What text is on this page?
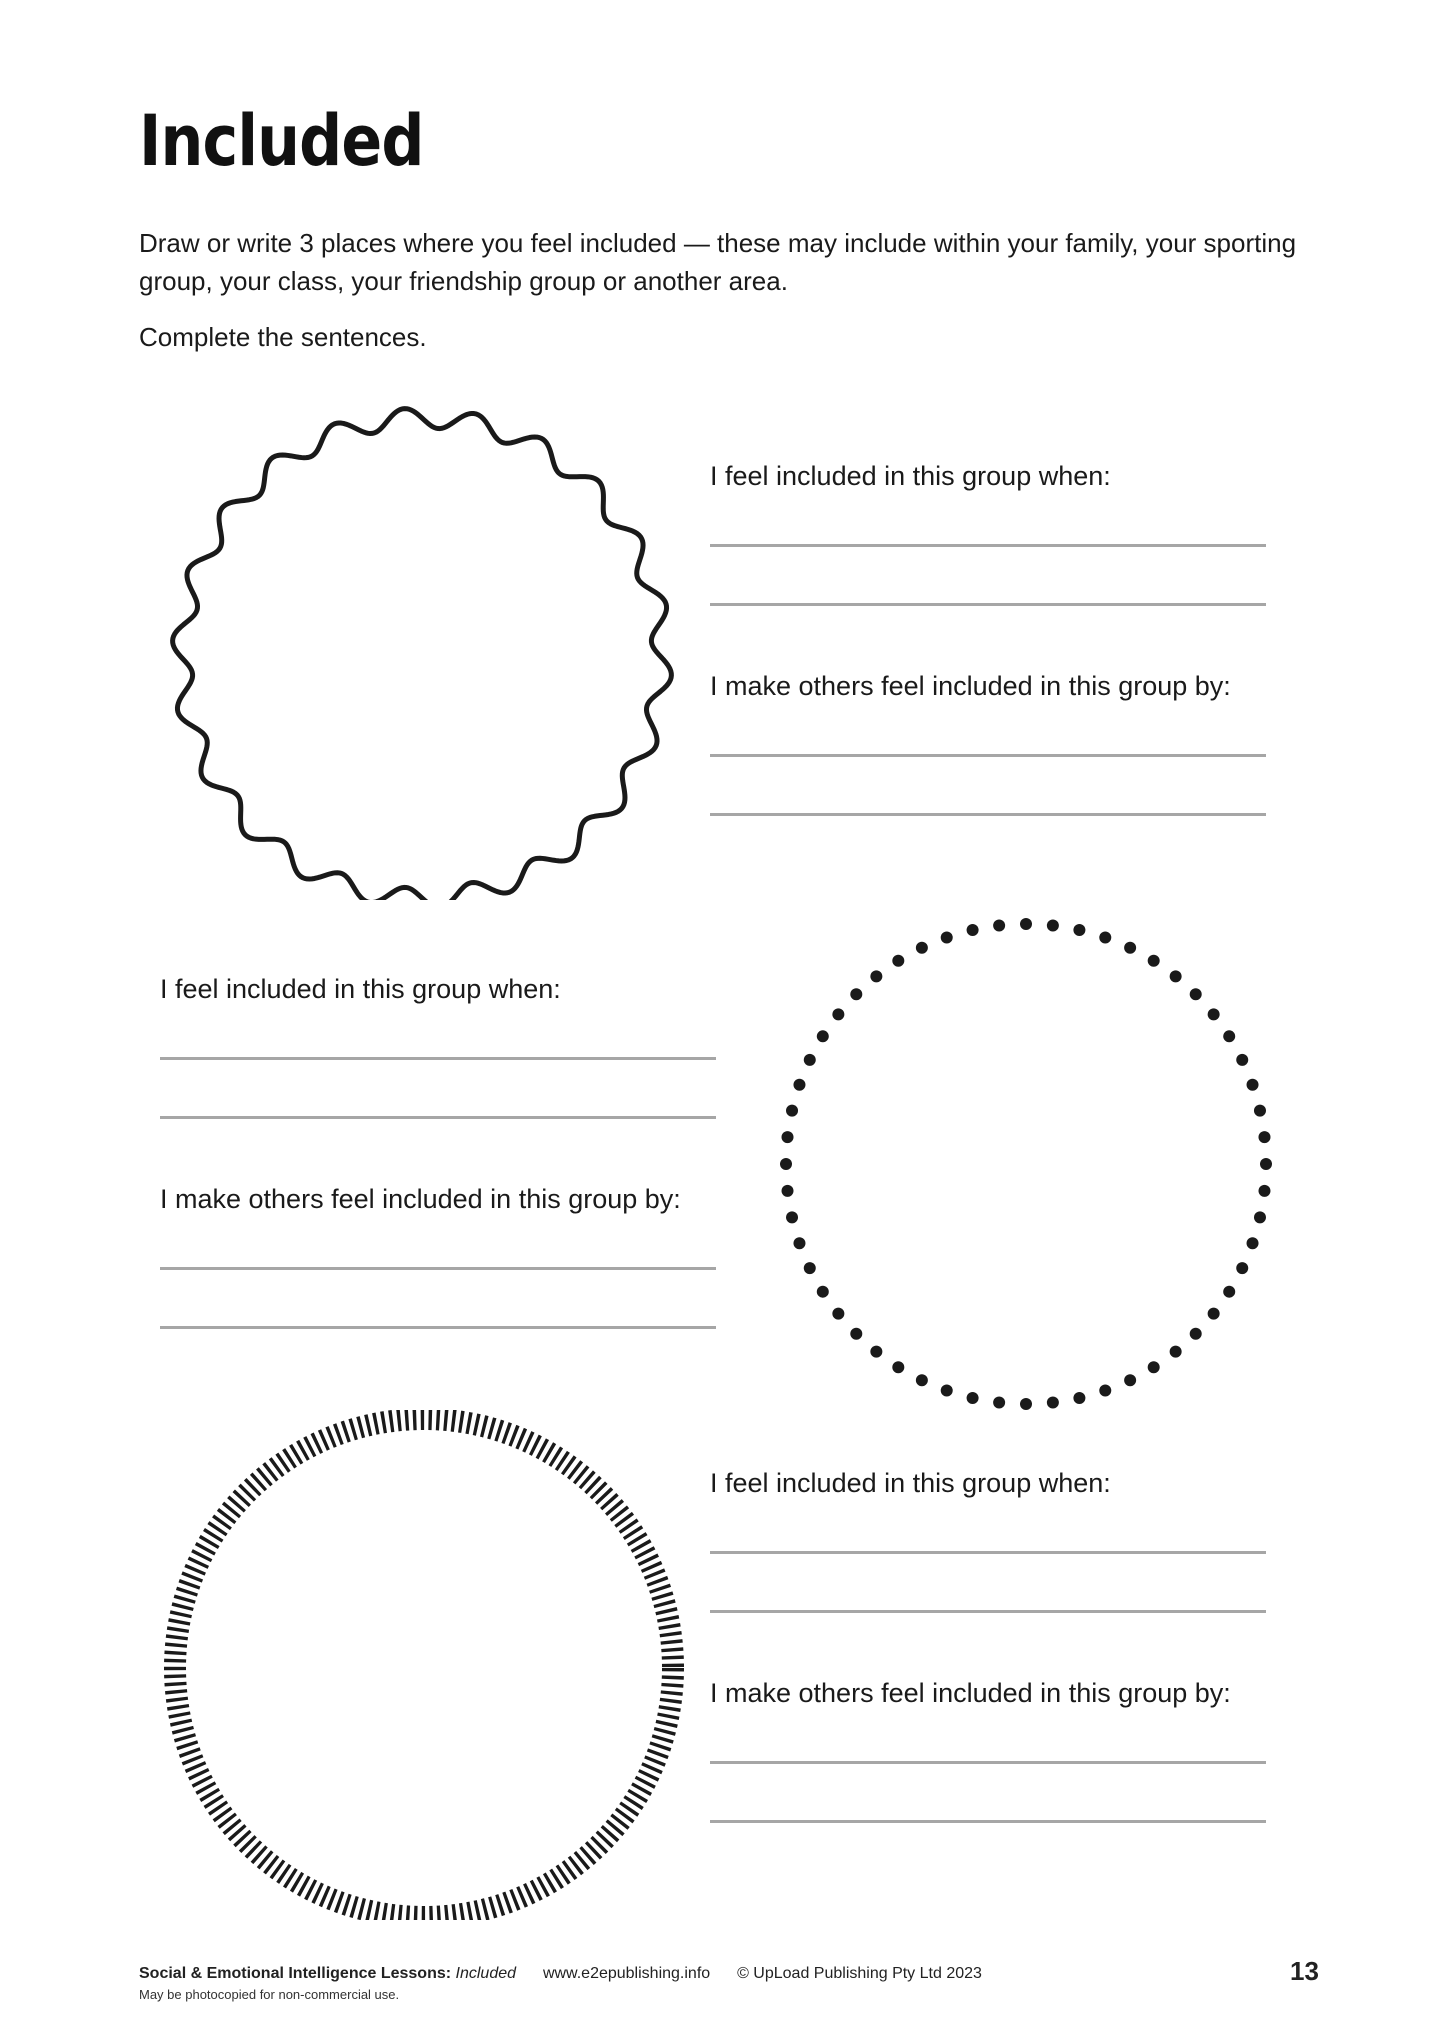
Included

Draw or write 3 places where you feel included — these may include within your family, your sporting group, your class, your friendship group or another area.

Complete the sentences.

I feel included in this group when:

I make others feel included in this group by:

I feel included in this group when:

I make others feel included in this group by:

I feel included in this group when:

I make others feel included in this group by:

Social & Emotional Intelligence Lessons: Included www.e2epublishing.info © UpLoad Publishing Pty Ltd 2023
May be photocopied for non-commercial use.
13
